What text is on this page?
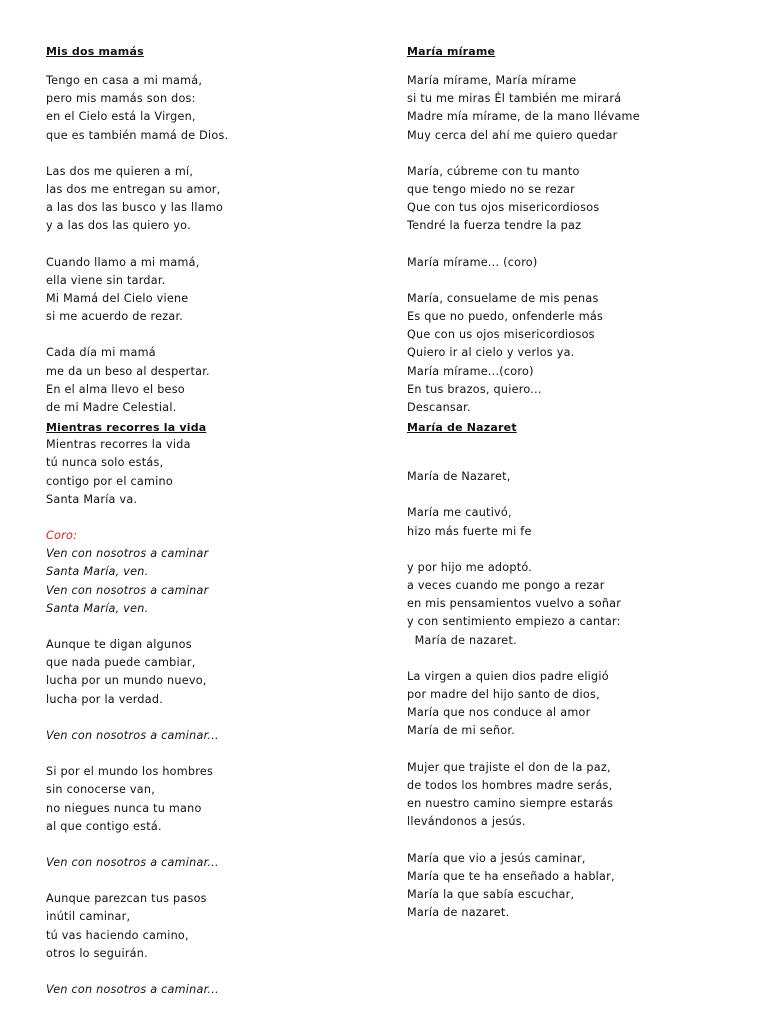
Mis dos mamás
Tengo en casa a mi mamá,
pero mis mamás son dos:
en el Cielo está la Virgen,
que es también mamá de Dios.
Las dos me quieren a mí,
las dos me entregan su amor,
a las dos las busco y las llamo
y a las dos las quiero yo.
Cuando llamo a mi mamá,
ella viene sin tardar.
Mi Mamá del Cielo viene
si me acuerdo de rezar.
Cada día mi mamá
me da un beso al despertar.
En el alma llevo el beso
de mi Madre Celestial.
Mientras recorres la vida
Mientras recorres la vida
tú nunca solo estás,
contigo por el camino
Santa María va.
Coro:
Ven con nosotros a caminar
Santa María, ven.
Ven con nosotros a caminar
Santa María, ven.
Aunque te digan algunos
que nada puede cambiar,
lucha por un mundo nuevo,
lucha por la verdad.
Ven con nosotros a caminar...
Si por el mundo los hombres
sin conocerse van,
no niegues nunca tu mano
al que contigo está.
Ven con nosotros a caminar...
Aunque parezcan tus pasos
inútil caminar,
tú vas haciendo camino,
otros lo seguirán.
Ven con nosotros a caminar...
María mírame
María mírame, María mírame
si tu me miras Él también me mirará
Madre mía mírame, de la mano llévame
Muy cerca del ahí me quiero quedar
María, cúbreme con tu manto
que tengo miedo no se rezar
Que con tus ojos misericordiosos
Tendré la fuerza tendre la paz
María mírame... (coro)
María, consuelame de mis penas
Es que no puedo, onfenderle más
Que con us ojos misericordiosos
Quiero ir al cielo y verlos ya.
María mírame...(coro)
En tus brazos, quiero...
Descansar.
María de Nazaret
María de Nazaret,
María me cautivó,
hizo más fuerte mi fe
y por hijo me adoptó.
a veces cuando me pongo a rezar
en mis pensamientos vuelvo a soñar
y con sentimiento empiezo a cantar:
María de nazaret.
La virgen a quien dios padre eligió
por madre del hijo santo de dios,
María que nos conduce al amor
María de mi señor.
Mujer que trajiste el don de la paz,
de todos los hombres madre serás,
en nuestro camino siempre estarás
llevándonos a jesús.
María que vio a jesús caminar,
María que te ha enseñado a hablar,
María la que sabía escuchar,
María de nazaret.
